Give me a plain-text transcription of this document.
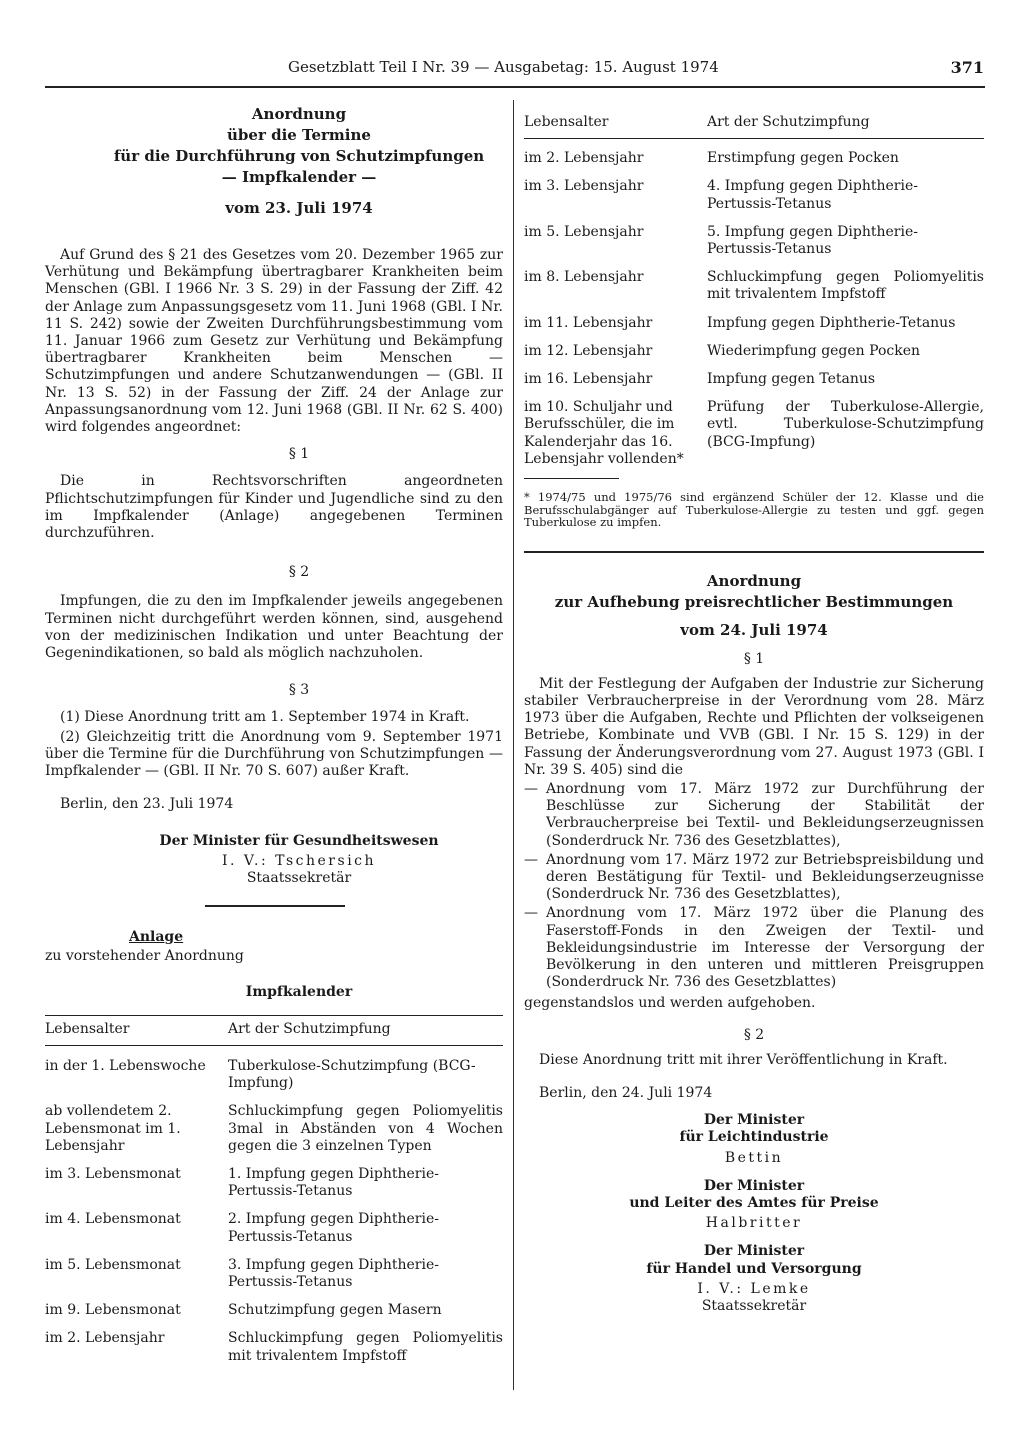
Gesetzblatt Teil I Nr. 39 — Ausgabetag: 15. August 1974	371
Anordnung
über die Termine
für die Durchführung von Schutzimpfungen
— Impfkalender —
vom 23. Juli 1974

Auf Grund des § 21 des Gesetzes vom 20. Dezember 1965 zur Verhütung und Bekämpfung übertragbarer Krankheiten beim Menschen (GBl. I 1966 Nr. 3 S. 29) in der Fassung der Ziff. 42 der Anlage zum Anpassungsgesetz vom 11. Juni 1968 (GBl. I Nr. 11 S. 242) sowie der Zweiten Durchführungsbestimmung vom 11. Januar 1966 zum Gesetz zur Verhütung und Bekämpfung übertragbarer Krankheiten beim Menschen — Schutzimpfungen und andere Schutzanwendungen — (GBl. II Nr. 13 S. 52) in der Fassung der Ziff. 24 der Anlage zur Anpassungsanordnung vom 12. Juni 1968 (GBl. II Nr. 62 S. 400) wird folgendes angeordnet:

§ 1

Die in Rechtsvorschriften angeordneten Pflichtschutzimpfungen für Kinder und Jugendliche sind zu den im Impfkalender (Anlage) angegebenen Terminen durchzuführen.

§ 2

Impfungen, die zu den im Impfkalender jeweils angegebenen Terminen nicht durchgeführt werden können, sind, ausgehend von der medizinischen Indikation und unter Beachtung der Gegenindikationen, so bald als möglich nachzuholen.

§ 3

(1) Diese Anordnung tritt am 1. September 1974 in Kraft.

(2) Gleichzeitig tritt die Anordnung vom 9. September 1971 über die Termine für die Durchführung von Schutzimpfungen — Impfkalender — (GBl. II Nr. 70 S. 607) außer Kraft.

Berlin, den 23. Juli 1974

Der Minister für Gesundheitswesen
I. V.: Tschersich
Staatssekretär
Anlage
zu vorstehender Anordnung
Impfkalender
Lebensalter	Art der Schutzimpfung
in der 1. Lebenswoche	Tuberkulose-Schutzimpfung (BCG-Impfung)
ab vollendetem 2. Lebensmonat im 1. Lebensjahr	Schluckimpfung gegen Poliomyelitis 3mal in Abständen von 4 Wochen gegen die 3 einzelnen Typen
im 3. Lebensmonat	1. Impfung gegen Diphtherie-Pertussis-Tetanus
im 4. Lebensmonat	2. Impfung gegen Diphtherie-Pertussis-Tetanus
im 5. Lebensmonat	3. Impfung gegen Diphtherie-Pertussis-Tetanus
im 9. Lebensmonat	Schutzimpfung gegen Masern
im 2. Lebensjahr	Schluckimpfung gegen Poliomyelitis mit trivalentem Impfstoff
Lebensalter	Art der Schutzimpfung
im 2. Lebensjahr	Erstimpfung gegen Pocken
im 3. Lebensjahr	4. Impfung gegen Diphtherie-Pertussis-Tetanus
im 5. Lebensjahr	5. Impfung gegen Diphtherie-Pertussis-Tetanus
im 8. Lebensjahr	Schluckimpfung gegen Poliomyelitis mit trivalentem Impfstoff
im 11. Lebensjahr	Impfung gegen Diphtherie-Tetanus
im 12. Lebensjahr	Wiederimpfung gegen Pocken
im 16. Lebensjahr	Impfung gegen Tetanus
im 10. Schuljahr und Berufsschüler, die im Kalenderjahr das 16. Lebensjahr vollenden*	Prüfung der Tuberkulose-Allergie, evtl. Tuberkulose-Schutzimpfung (BCG-Impfung)

* 1974/75 und 1975/76 sind ergänzend Schüler der 12. Klasse und die Berufsschulabgänger auf Tuberkulose-Allergie zu testen und ggf. gegen Tuberkulose zu impfen.

Anordnung
zur Aufhebung preisrechtlicher Bestimmungen
vom 24. Juli 1974
§ 1

Mit der Festlegung der Aufgaben der Industrie zur Sicherung stabiler Verbraucherpreise in der Verordnung vom 28. März 1973 über die Aufgaben, Rechte und Pflichten der volkseigenen Betriebe, Kombinate und VVB (GBl. I Nr. 15 S. 129) in der Fassung der Änderungsverordnung vom 27. August 1973 (GBl. I Nr. 39 S. 405) sind die

— Anordnung vom 17. März 1972 zur Durchführung der Beschlüsse zur Sicherung der Stabilität der Verbraucherpreise bei Textil- und Bekleidungserzeugnissen (Sonderdruck Nr. 736 des Gesetzblattes),
— Anordnung vom 17. März 1972 zur Betriebspreisbildung und deren Bestätigung für Textil- und Bekleidungserzeugnisse (Sonderdruck Nr. 736 des Gesetzblattes),
— Anordnung vom 17. März 1972 über die Planung des Faserstoff-Fonds in den Zweigen der Textil- und Bekleidungsindustrie im Interesse der Versorgung der Bevölkerung in den unteren und mittleren Preisgruppen (Sonderdruck Nr. 736 des Gesetzblattes)

gegenstandslos und werden aufgehoben.

§ 2

Diese Anordnung tritt mit ihrer Veröffentlichung in Kraft.

Berlin, den 24. Juli 1974

Der Minister
für Leichtindustrie
Bettin
Der Minister
und Leiter des Amtes für Preise
Halbritter
Der Minister
für Handel und Versorgung
I. V.: Lemke
Staatssekretär
